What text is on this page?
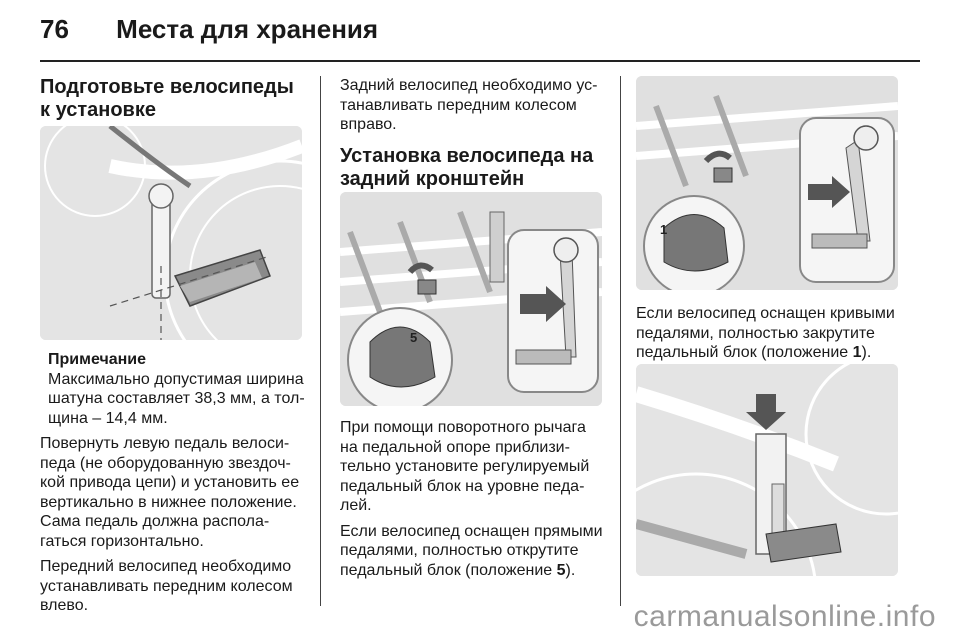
76 Места для хранения
Подготовьте велосипеды к установке

Примечание
Максимально допустимая ширина шатуна составляет 38,3 мм, а тол- щина – 14,4 мм.

Повернуть левую педаль велоси- педа (не оборудованную звездоч- кой привода цепи) и установить ее вертикально в нижнее положение. Сама педаль должна распола- гаться горизонтально.

Передний велосипед необходимо устанавливать передним колесом влево.

Задний велосипед необходимо ус- танавливать передним колесом вправо.

Установка велосипеда на задний кронштейн
5

При помощи поворотного рычага на педальной опоре приблизи- тельно установите регулируемый педальный блок на уровне педа- лей.

Если велосипед оснащен прямыми педалями, полностью открутите педальный блок (положение 5).

1

Если велосипед оснащен кривыми педалями, полностью закрутите педальный блок (положение 1).

carmanualsonline.info
